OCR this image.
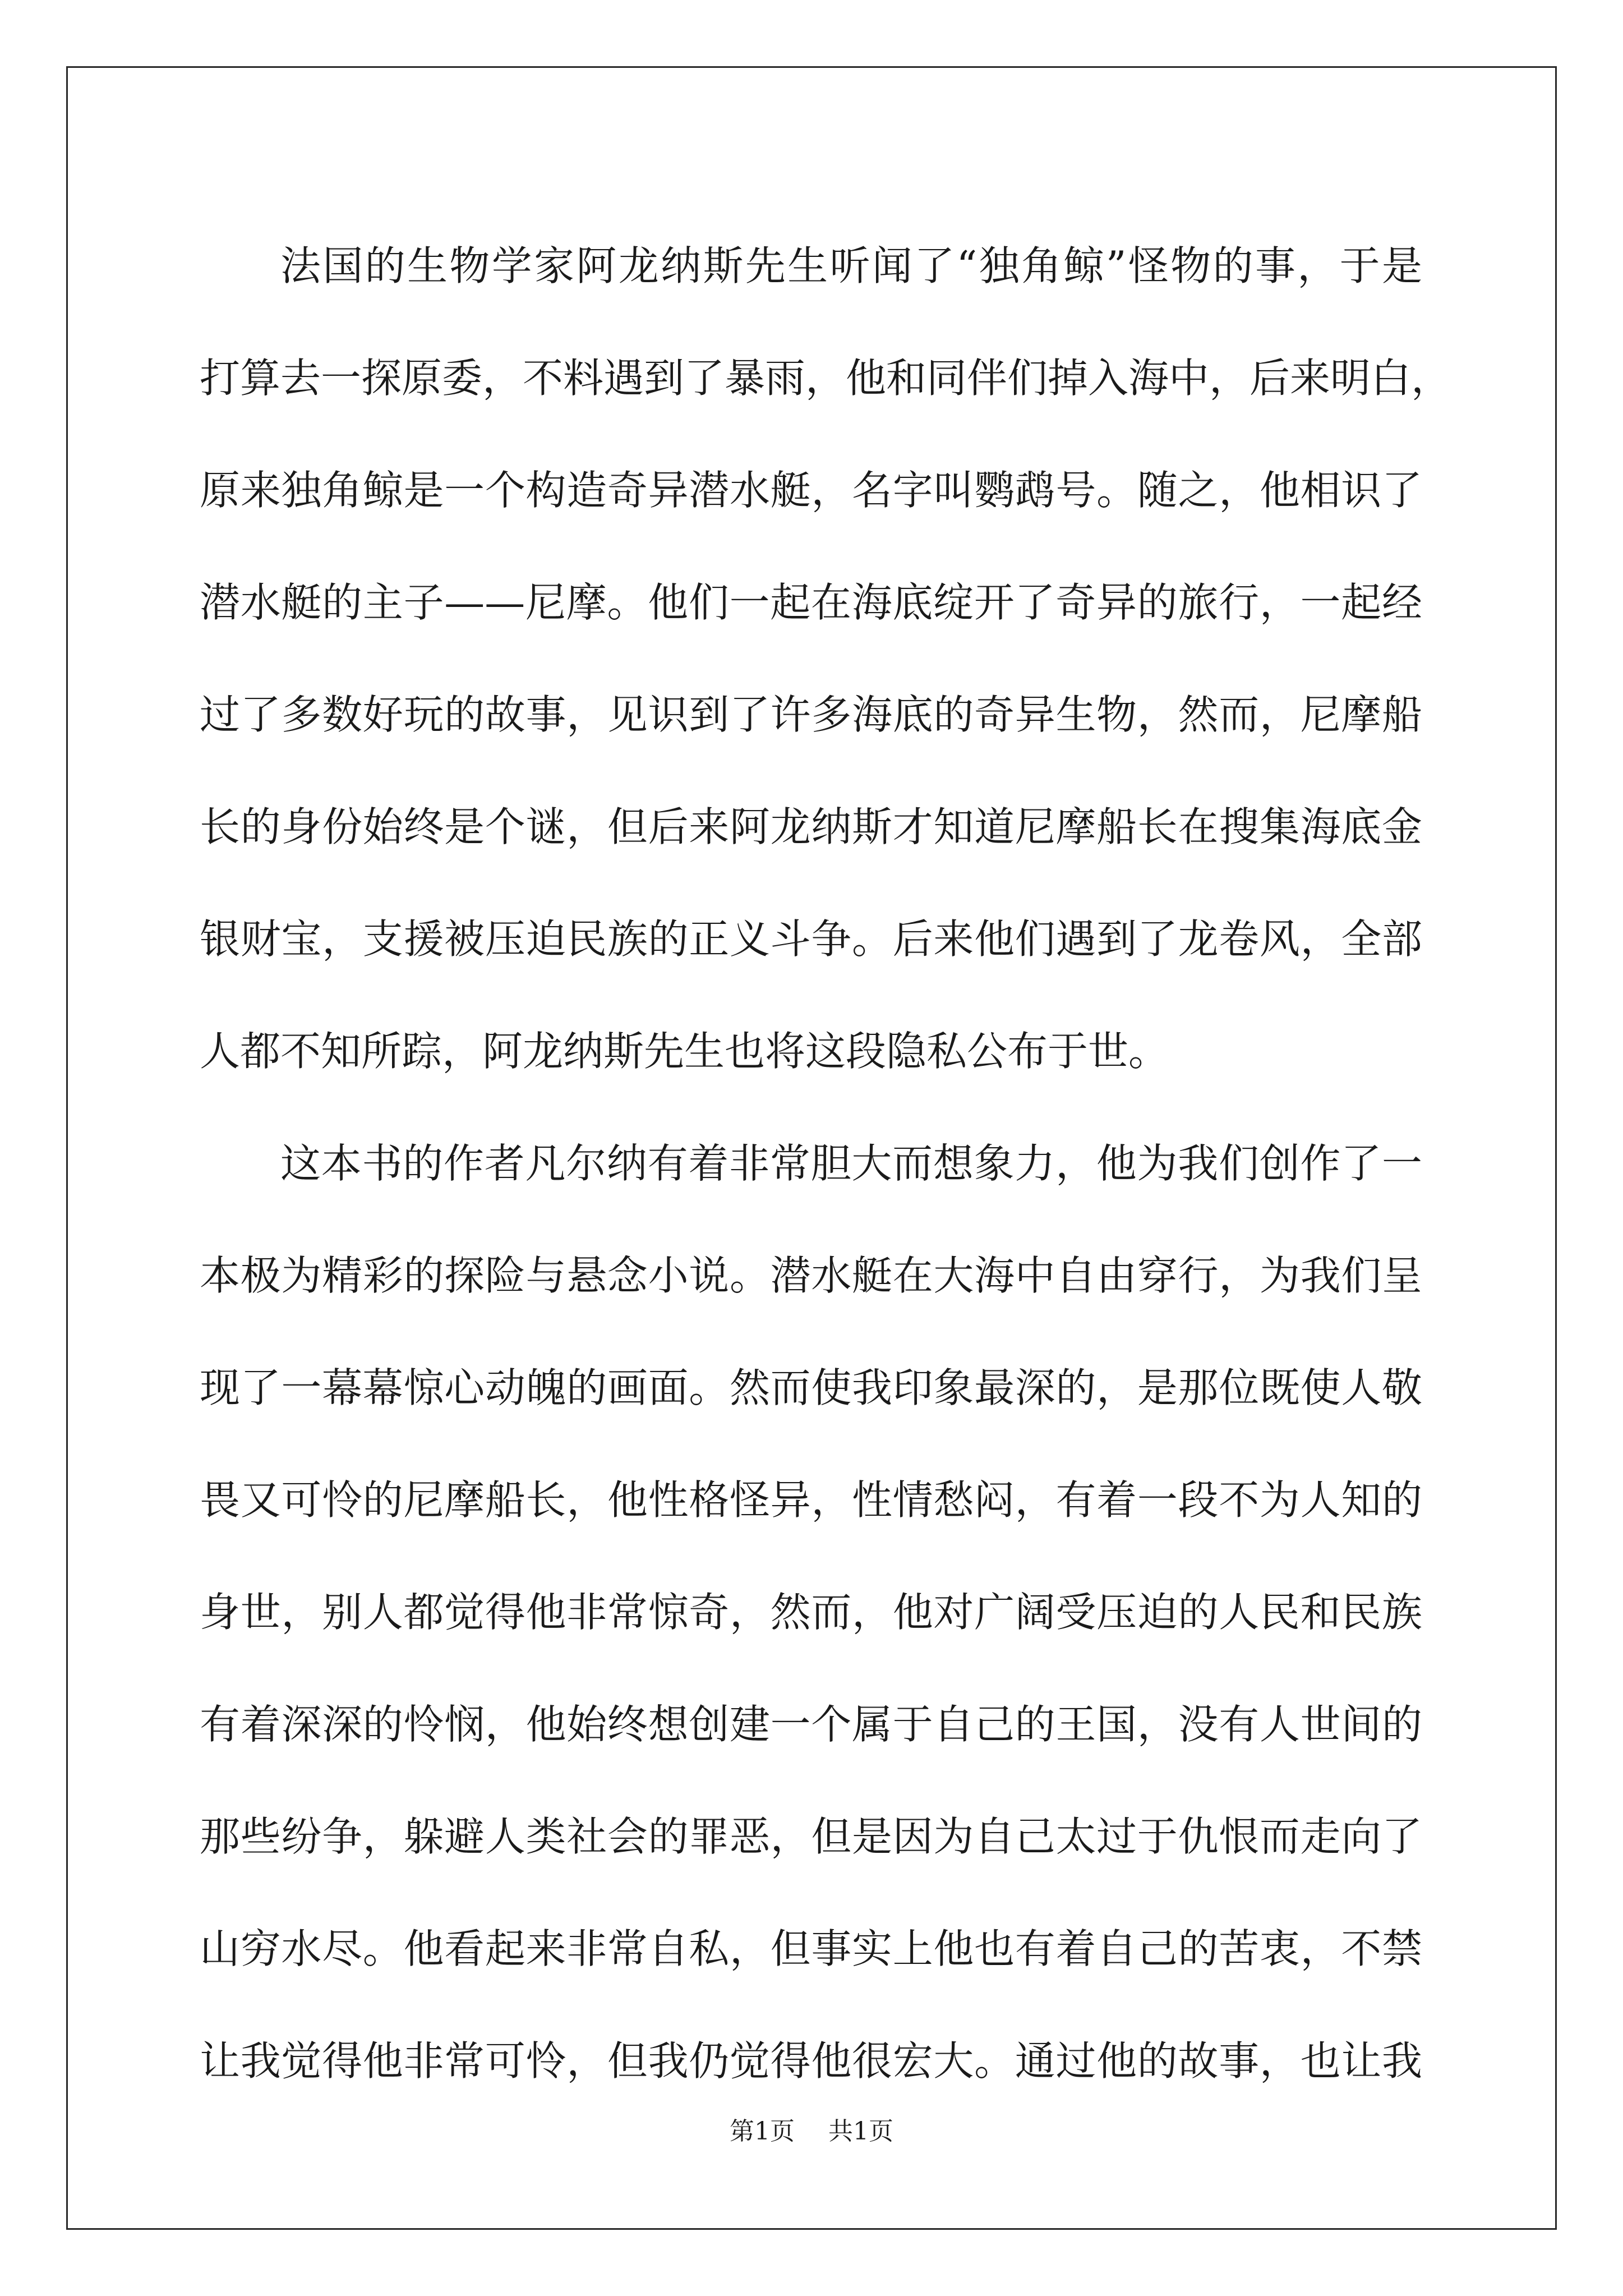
法国的生物学家阿龙纳斯先生听闻了“独角鲸”怪物的事，于是
打算去一探原委，不料遇到了暴雨，他和同伴们掉入海中，后来明白，
原来独角鲸是一个构造奇异潜水艇，名字叫鹦鹉号。随之，他相识了
潜水艇的主子——尼摩。他们一起在海底绽开了奇异的旅行，一起经
过了多数好玩的故事，见识到了许多海底的奇异生物，然而，尼摩船
长的身份始终是个谜，但后来阿龙纳斯才知道尼摩船长在搜集海底金
银财宝，支援被压迫民族的正义斗争。后来他们遇到了龙卷风，全部
人都不知所踪，阿龙纳斯先生也将这段隐私公布于世。
这本书的作者凡尔纳有着非常胆大而想象力，他为我们创作了一
本极为精彩的探险与悬念小说。潜水艇在大海中自由穿行，为我们呈
现了一幕幕惊心动魄的画面。然而使我印象最深的，是那位既使人敬
畏又可怜的尼摩船长，他性格怪异，性情愁闷，有着一段不为人知的
身世，别人都觉得他非常惊奇，然而，他对广阔受压迫的人民和民族
有着深深的怜悯，他始终想创建一个属于自己的王国，没有人世间的
那些纷争，躲避人类社会的罪恶，但是因为自己太过于仇恨而走向了
山穷水尽。他看起来非常自私，但事实上他也有着自己的苦衷，不禁
让我觉得他非常可怜，但我仍觉得他很宏大。通过他的故事，也让我
第1页 共1页
